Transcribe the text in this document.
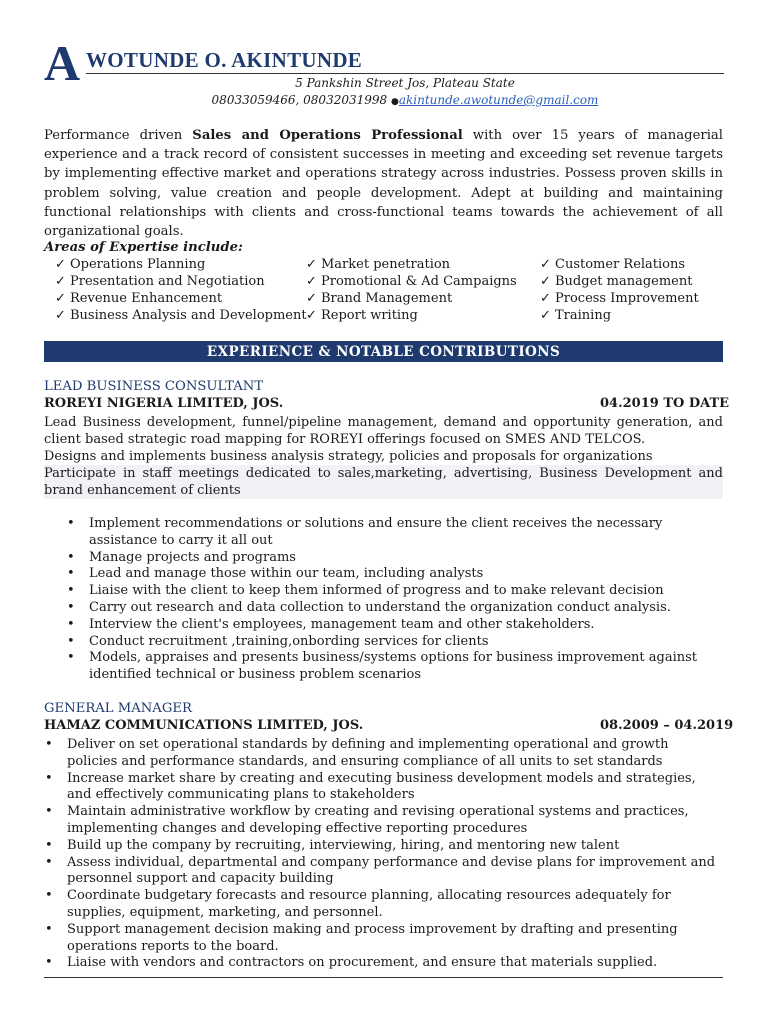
A WOTUNDE O. AKINTUNDE
5 Pankshin Street Jos, Plateau State
08033059466, 08032031998 ●akintunde.awotunde@gmail.com
Performance driven Sales and Operations Professional with over 15 years of managerial experience and a track record of consistent successes in meeting and exceeding set revenue targets by implementing effective market and operations strategy across industries. Possess proven skills in problem solving, value creation and people development. Adept at building and maintaining functional relationships with clients and cross-functional teams towards the achievement of all organizational goals.
Areas of Expertise include:
✓ Operations Planning
✓ Presentation and Negotiation
✓ Revenue Enhancement
✓ Business Analysis and Development
✓ Market penetration
✓ Promotional & Ad Campaigns
✓ Brand Management
✓ Report writing
✓ Customer Relations
✓ Budget management
✓ Process Improvement
✓ Training
EXPERIENCE & NOTABLE CONTRIBUTIONS
LEAD BUSINESS CONSULTANT
ROREYI NIGERIA LIMITED, JOS.	04.2019 TO DATE
Lead Business development, funnel/pipeline management, demand and opportunity generation, and client based strategic road mapping for ROREYI offerings focused on SMES AND TELCOS.
Designs and implements business analysis strategy, policies and proposals for organizations
Participate in staff meetings dedicated to sales,marketing, advertising, Business Development and brand enhancement of clients
• Implement recommendations or solutions and ensure the client receives the necessary assistance to carry it all out
• Manage projects and programs
• Lead and manage those within our team, including analysts
• Liaise with the client to keep them informed of progress and to make relevant decision
• Carry out research and data collection to understand the organization conduct analysis.
• Interview the client's employees, management team and other stakeholders.
• Conduct recruitment ,training,onbording services for clients
• Models, appraises and presents business/systems options for business improvement against identified technical or business problem scenarios
GENERAL MANAGER
HAMAZ COMMUNICATIONS LIMITED, JOS.	08.2009 – 04.2019
• Deliver on set operational standards by defining and implementing operational and growth policies and performance standards, and ensuring compliance of all units to set standards
• Increase market share by creating and executing business development models and strategies, and effectively communicating plans to stakeholders
• Maintain administrative workflow by creating and revising operational systems and practices, implementing changes and developing effective reporting procedures
• Build up the company by recruiting, interviewing, hiring, and mentoring new talent
• Assess individual, departmental and company performance and devise plans for improvement and personnel support and capacity building
• Coordinate budgetary forecasts and resource planning, allocating resources adequately for supplies, equipment, marketing, and personnel.
• Support management decision making and process improvement by drafting and presenting operations reports to the board.
• Liaise with vendors and contractors on procurement, and ensure that materials supplied.
